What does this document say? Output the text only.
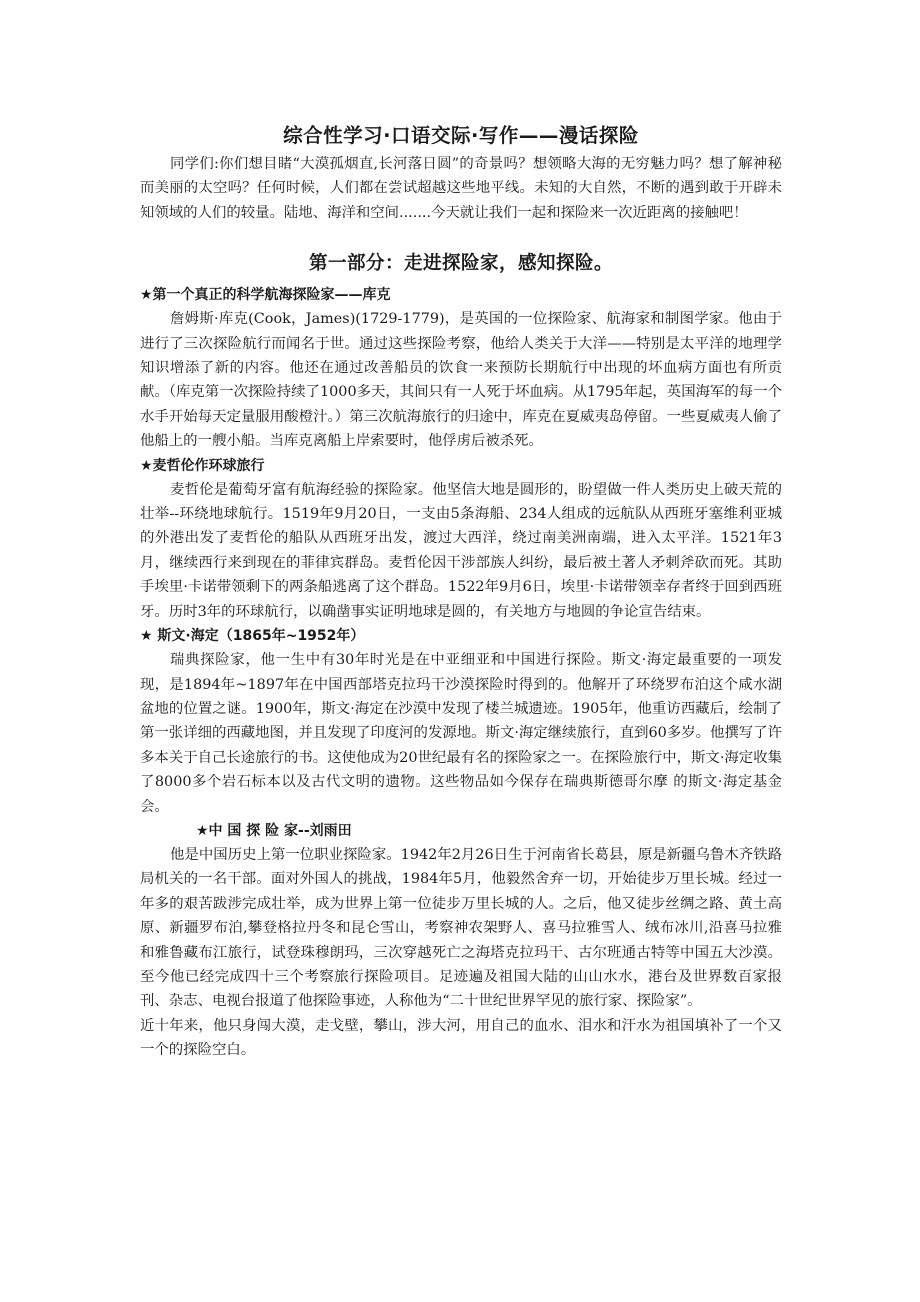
综合性学习·口语交际·写作——漫话探险

同学们:你们想目睹“大漠孤烟直,长河落日圆”的奇景吗？想领略大海的无穷魅力吗？想了解神秘而美丽的太空吗？任何时候，人们都在尝试超越这些地平线。未知的大自然，不断的遇到敢于开辟未知领域的人们的较量。陆地、海洋和空间.......今天就让我们一起和探险来一次近距离的接触吧！

第一部分：走进探险家，感知探险。

★第一个真正的科学航海探险家——库克

詹姆斯·库克(Cook，James)(1729-1779)，是英国的一位探险家、航海家和制图学家。他由于进行了三次探险航行而闻名于世。通过这些探险考察，他给人类关于大洋——特别是太平洋的地理学知识增添了新的内容。他还在通过改善船员的饮食一来预防长期航行中出现的坏血病方面也有所贡献。（库克第一次探险持续了1000多天，其间只有一人死于坏血病。从1795年起，英国海军的每一个水手开始每天定量服用酸橙汁。）第三次航海旅行的归途中，库克在夏威夷岛停留。一些夏威夷人偷了他船上的一艘小船。当库克离船上岸索要时，他俘虏后被杀死。

★麦哲伦作环球旅行

麦哲伦是葡萄牙富有航海经验的探险家。他坚信大地是圆形的，盼望做一件人类历史上破天荒的壮举--环绕地球航行。1519年9月20日，一支由5条海船、234人组成的远航队从西班牙塞维利亚城的外港出发了麦哲伦的船队从西班牙出发，渡过大西洋，绕过南美洲南端，进入太平洋。1521年3月，继续西行来到现在的菲律宾群岛。麦哲伦因干涉部族人纠纷，最后被土著人矛刺斧砍而死。其助手埃里·卡诺带领剩下的两条船逃离了这个群岛。1522年9月6日，埃里·卡诺带领幸存者终于回到西班牙。历时3年的环球航行，以确凿事实证明地球是圆的，有关地方与地圆的争论宣告结束。

★ 斯文·海定（1865年~1952年）

瑞典探险家，他一生中有30年时光是在中亚细亚和中国进行探险。斯文·海定最重要的一项发现，是1894年~1897年在中国西部塔克拉玛干沙漠探险时得到的。他解开了环绕罗布泊这个咸水湖盆地的位置之谜。1900年，斯文·海定在沙漠中发现了楼兰城遗迹。1905年，他重访西藏后，绘制了第一张详细的西藏地图，并且发现了印度河的发源地。斯文·海定继续旅行，直到60多岁。他撰写了许多本关于自己长途旅行的书。这使他成为20世纪最有名的探险家之一。在探险旅行中，斯文·海定收集了8000多个岩石标本以及古代文明的遗物。这些物品如今保存在瑞典斯德哥尔摩 的斯文·海定基金会。

★中 国 探 险 家--刘雨田

他是中国历史上第一位职业探险家。1942年2月26日生于河南省长葛县，原是新疆乌鲁木齐铁路局机关的一名干部。面对外国人的挑战，1984年5月，他毅然舍弃一切，开始徒步万里长城。经过一年多的艰苦跋涉完成壮举，成为世界上第一位徒步万里长城的人。之后，他又徒步丝绸之路、黄土高原、新疆罗布泊,攀登格拉丹冬和昆仑雪山，考察神农架野人、喜马拉雅雪人、绒布冰川,沿喜马拉雅和雅鲁藏布江旅行，试登珠穆朗玛，三次穿越死亡之海塔克拉玛干、古尔班通古特等中国五大沙漠。至今他已经完成四十三个考察旅行探险项目。足迹遍及祖国大陆的山山水水，港台及世界数百家报刊、杂志、电视台报道了他探险事迹，人称他为“二十世纪世界罕见的旅行家、探险家”。

近十年来，他只身闯大漠，走戈壁，攀山，涉大河，用自己的血水、泪水和汗水为祖国填补了一个又一个的探险空白。
